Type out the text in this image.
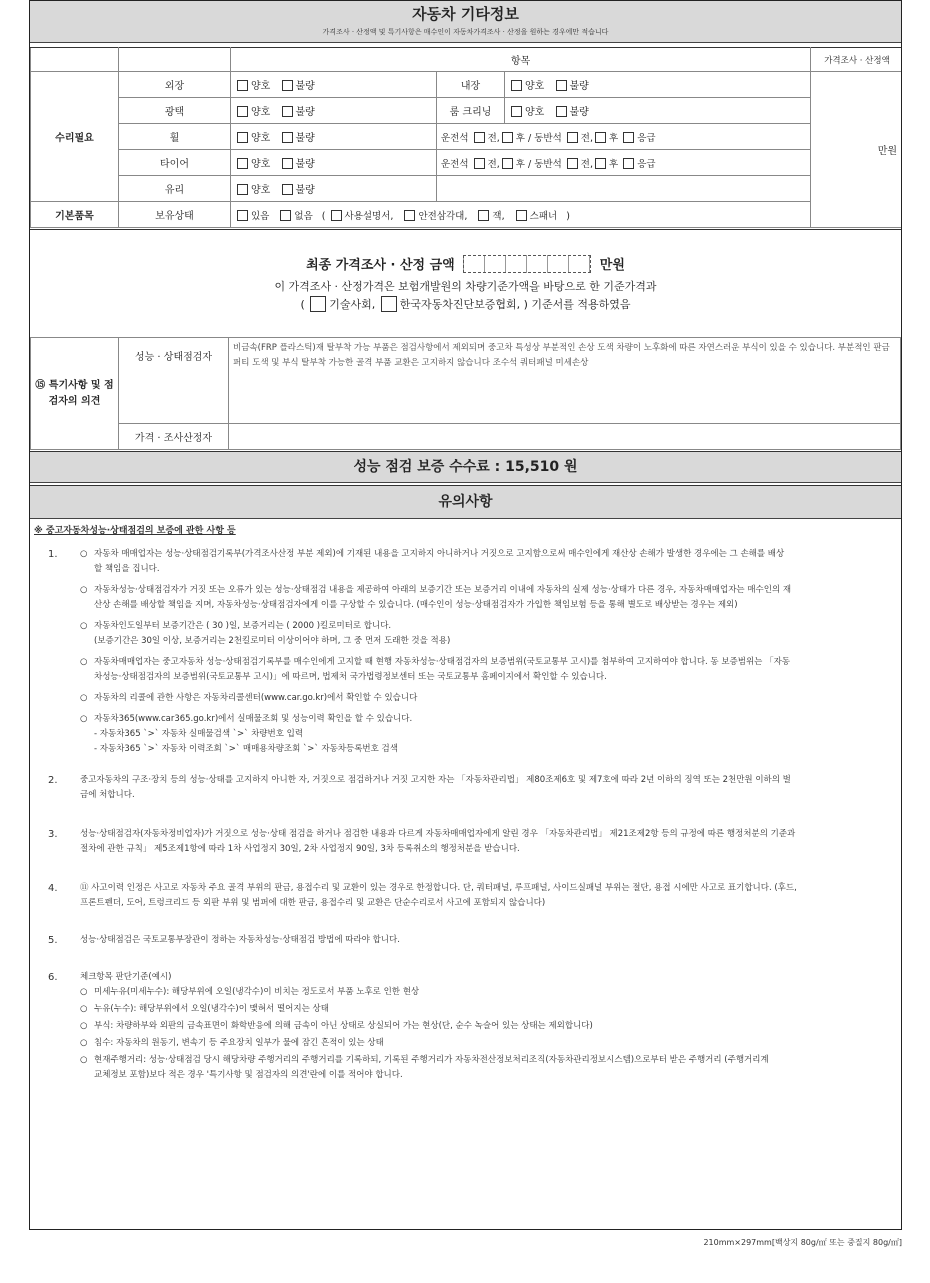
자동차 기타정보
가격조사 · 산정액 및 특기사항은 매수인이 자동차가격조사 · 산정을 원하는 경우에만 적습니다
		항목			가격조사 · 산정액
수리필요	외장	양호 불량	내장	양호 불량	만원
	광택	양호 불량	룸 크리닝	양호 불량	
	휠	양호 불량	운전석 전, 후 / 동반석 전, 후 응급		
	타이어	양호 불량	운전석 전, 후 / 동반석 전, 후 응급		
	유리	양호 불량			
기본품목	보유상태	있음 없음 ( 사용설명서, 안전삼각대, 잭, 스패너 )			
최종 가격조사 · 산정 금액	만원
이 가격조사 · 산정가격은 보험개발원의 차량기준가액을 바탕으로 한 기준가격과
( 기술사회, 한국자동차진단보증협회, ) 기준서를 적용하였음
⑮ 특기사항 및 점검자의 의견	성능 · 상태점검자	비금속(FRP 플라스틱)재 탈부착 가능 부품은 점검사항에서 제외되며 중고차 특성상 부분적인 손상 도색 차량이 노후화에 따른 자연스러운 부식이 있을 수 있습니다. 부분적인 판금 퍼티 도색 및 부식 탈부착 가능한 골격 부품 교환은 고지하지 않습니다 조수석 쿼터패널 미세손상
	가격 · 조사산정자	
성능 점검 보증 수수료 : 15,510 원
유의사항
※ 중고자동차성능·상태점검의 보증에 관한 사항 등
1.	○ 자동차 매매업자는 성능·상태점검기록부(가격조사산정 부분 제외)에 기재된 내용을 고지하지 아니하거나 거짓으로 고지함으로써 매수인에게 재산상 손해가 발생한 경우에는 그 손해를 배상
할 책임을 집니다.
○ 자동차성능·상태점검자가 거짓 또는 오류가 있는 성능·상태점검 내용을 제공하여 아래의 보증기간 또는 보증거리 이내에 자동차의 실제 성능·상태가 다른 경우, 자동차매매업자는 매수인의 재
산상 손해를 배상할 책임을 지며, 자동차성능·상태점검자에게 이를 구상할 수 있습니다. (매수인이 성능·상태점검자가 가입한 책임보험 등을 통해 별도로 배상받는 경우는 제외)
○ 자동차인도일부터 보증기간은 ( 30 )일, 보증거리는 ( 2000 )킬로미터로 합니다.
(보증기간은 30일 이상, 보증거리는 2천킬로미터 이상이어야 하며, 그 중 먼저 도래한 것을 적용)
○ 자동차매매업자는 중고자동차 성능·상태점검기록부를 매수인에게 고지할 때 현행 자동차성능·상태점검자의 보증범위(국토교통부 고시)를 첨부하여 고지하여야 합니다. 동 보증범위는 「자동
차성능·상태점검자의 보증범위(국토교통부 고시)」에 따르며, 법제처 국가법령정보센터 또는 국토교통부 홈페이지에서 확인할 수 있습니다.
○ 자동차의 리콜에 관한 사항은 자동차리콜센터(www.car.go.kr)에서 확인할 수 있습니다
○ 자동차365(www.car365.go.kr)에서 실매물조회 및 성능이력 확인을 할 수 있습니다.
- 자동차365 `>` 자동차 실매물검색 `>` 차량번호 입력
- 자동차365 `>` 자동차 이력조회 `>` 매매용차량조회 `>` 자동차등록번호 검색
2.	중고자동차의 구조·장치 등의 성능·상태를 고지하지 아니한 자, 거짓으로 점검하거나 거짓 고지한 자는 「자동차관리법」 제80조제6호 및 제7호에 따라 2년 이하의 징역 또는 2천만원 이하의 벌
금에 처합니다.
3.	성능·상태점검자(자동차정비업자)가 거짓으로 성능·상태 점검을 하거나 점검한 내용과 다르게 자동차매매업자에게 알린 경우 「자동차관리법」 제21조제2항 등의 규정에 따른 행정처분의 기준과
절차에 관한 규칙」 제5조제1항에 따라 1차 사업정지 30일, 2차 사업정지 90일, 3차 등록취소의 행정처분을 받습니다.
4.	⑪ 사고이력 인정은 사고로 자동차 주요 골격 부위의 판금, 용접수리 및 교환이 있는 경우로 한정합니다. 단, 쿼터패널, 루프패널, 사이드실패널 부위는 절단, 용접 시에만 사고로 표기합니다. (후드,
프론트펜더, 도어, 트렁크리드 등 외판 부위 및 범퍼에 대한 판금, 용접수리 및 교환은 단순수리로서 사고에 포함되지 않습니다)
5.	성능·상태점검은 국토교통부장관이 정하는 자동차성능·상태점검 방법에 따라야 합니다.
6.	체크항목 판단기준(예시)
○ 미세누유(미세누수): 해당부위에 오일(냉각수)이 비치는 정도로서 부품 노후로 인한 현상
○ 누유(누수): 해당부위에서 오일(냉각수)이 맺혀서 떨어지는 상태
○ 부식: 차량하부와 외판의 금속표면이 화학반응에 의해 금속이 아닌 상태로 상실되어 가는 현상(단, 순수 녹슬어 있는 상태는 제외합니다)
○ 침수: 자동차의 원동기, 변속기 등 주요장치 일부가 물에 잠긴 흔적이 있는 상태
○ 현재주행거리: 성능·상태점검 당시 해당차량 주행거리의 주행거리를 기록하되, 기록된 주행거리가 자동차전산정보처리조직(자동차관리정보시스템)으로부터 받은 주행거리 (주행거리계
교체정보 포함)보다 적은 경우 '특기사항 및 점검자의 의견'란에 이를 적어야 합니다.
210mm×297mm[백상지 80g/㎡ 또는 중질지 80g/㎡]
